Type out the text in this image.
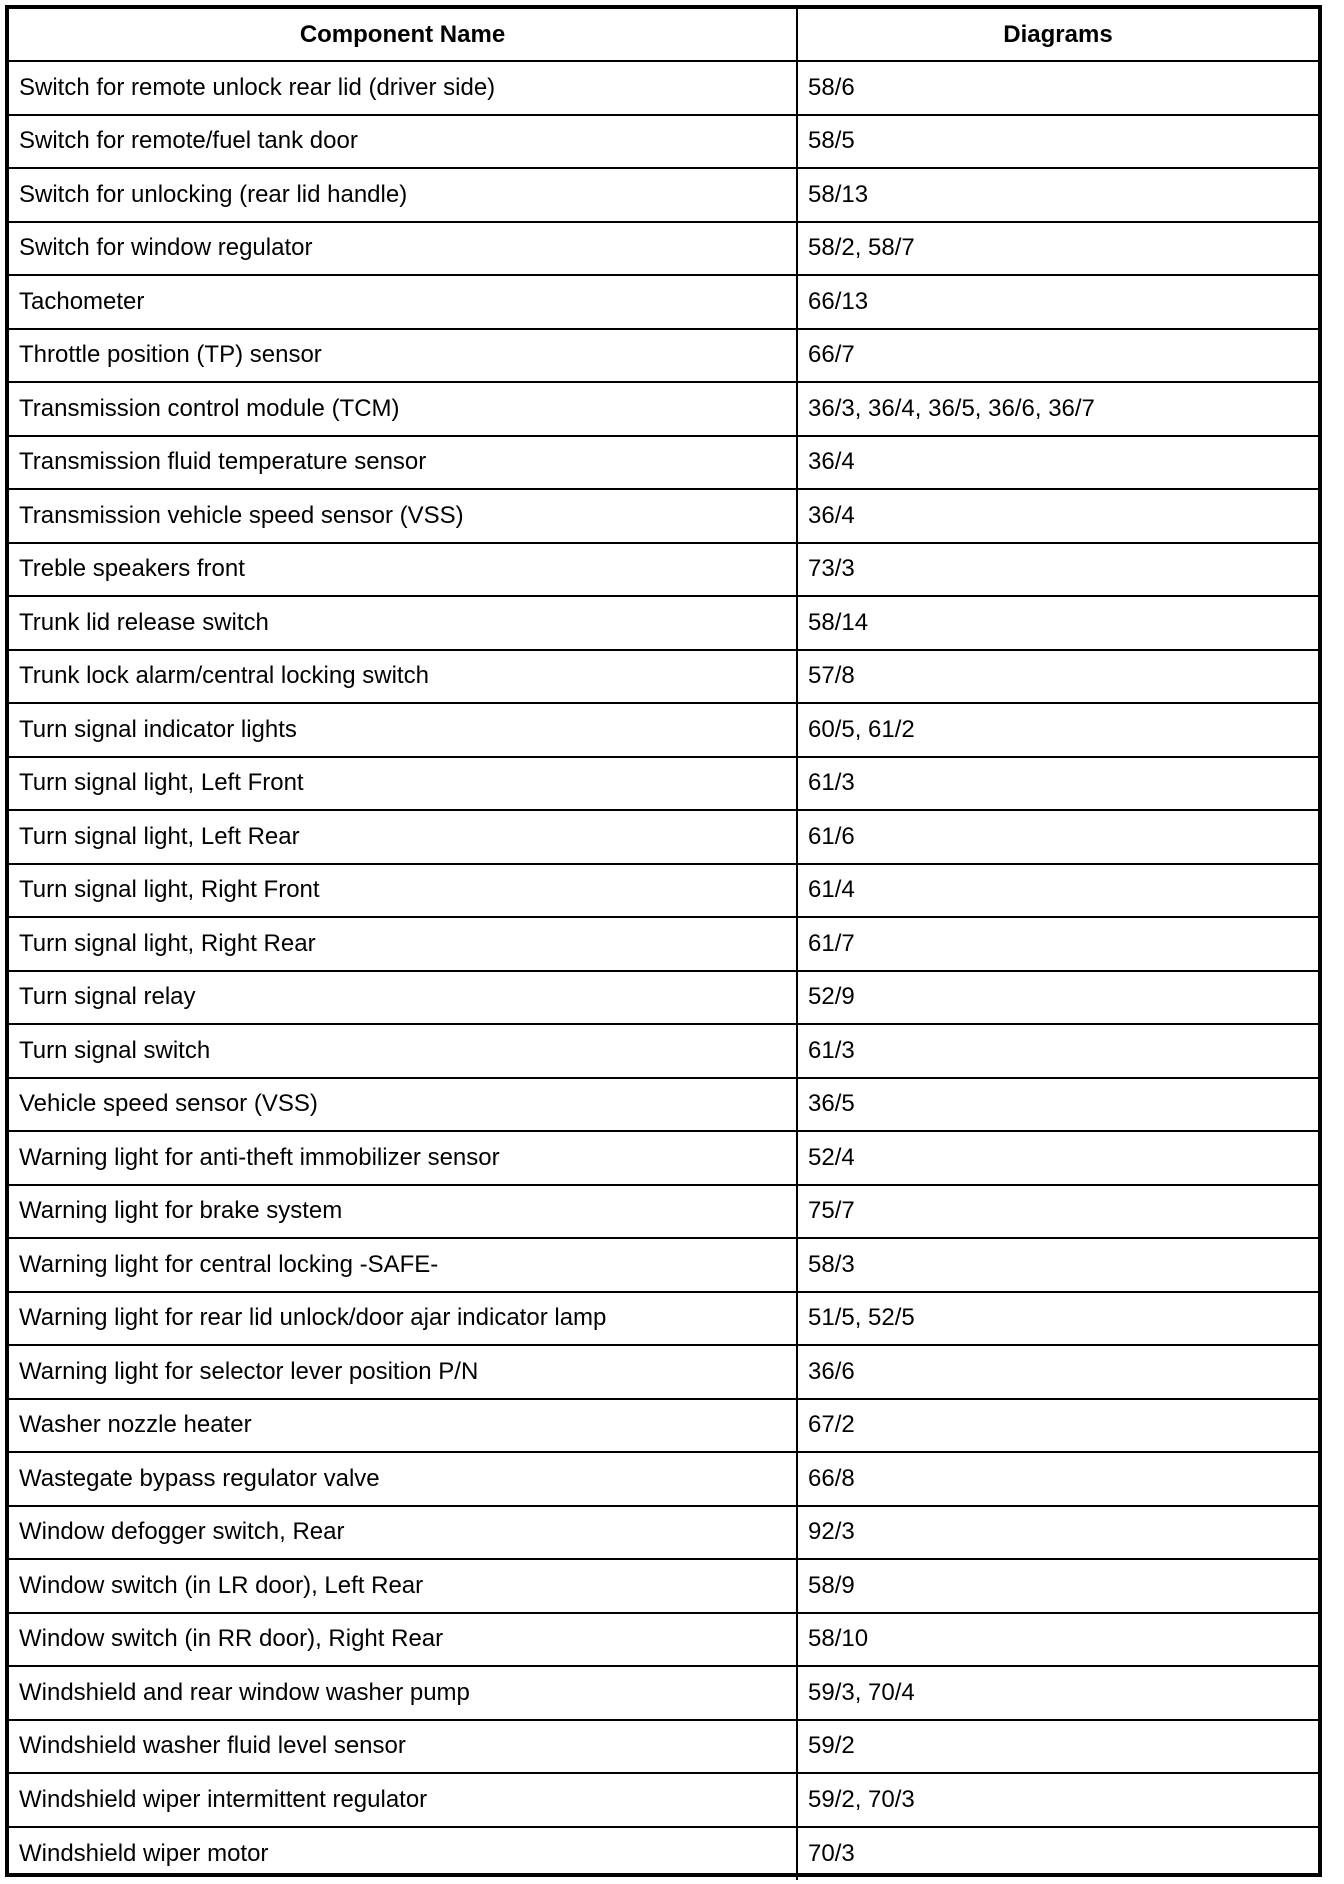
Component Name	Diagrams
Switch for remote unlock rear lid (driver side)	58/6
Switch for remote/fuel tank door	58/5
Switch for unlocking (rear lid handle)	58/13
Switch for window regulator	58/2, 58/7
Tachometer	66/13
Throttle position (TP) sensor	66/7
Transmission control module (TCM)	36/3, 36/4, 36/5, 36/6, 36/7
Transmission fluid temperature sensor	36/4
Transmission vehicle speed sensor (VSS)	36/4
Treble speakers front	73/3
Trunk lid release switch	58/14
Trunk lock alarm/central locking switch	57/8
Turn signal indicator lights	60/5, 61/2
Turn signal light, Left Front	61/3
Turn signal light, Left Rear	61/6
Turn signal light, Right Front	61/4
Turn signal light, Right Rear	61/7
Turn signal relay	52/9
Turn signal switch	61/3
Vehicle speed sensor (VSS)	36/5
Warning light for anti-theft immobilizer sensor	52/4
Warning light for brake system	75/7
Warning light for central locking -SAFE-	58/3
Warning light for rear lid unlock/door ajar indicator lamp	51/5, 52/5
Warning light for selector lever position P/N	36/6
Washer nozzle heater	67/2
Wastegate bypass regulator valve	66/8
Window defogger switch, Rear	92/3
Window switch (in LR door), Left Rear	58/9
Window switch (in RR door), Right Rear	58/10
Windshield and rear window washer pump	59/3, 70/4
Windshield washer fluid level sensor	59/2
Windshield wiper intermittent regulator	59/2, 70/3
Windshield wiper motor	70/3
